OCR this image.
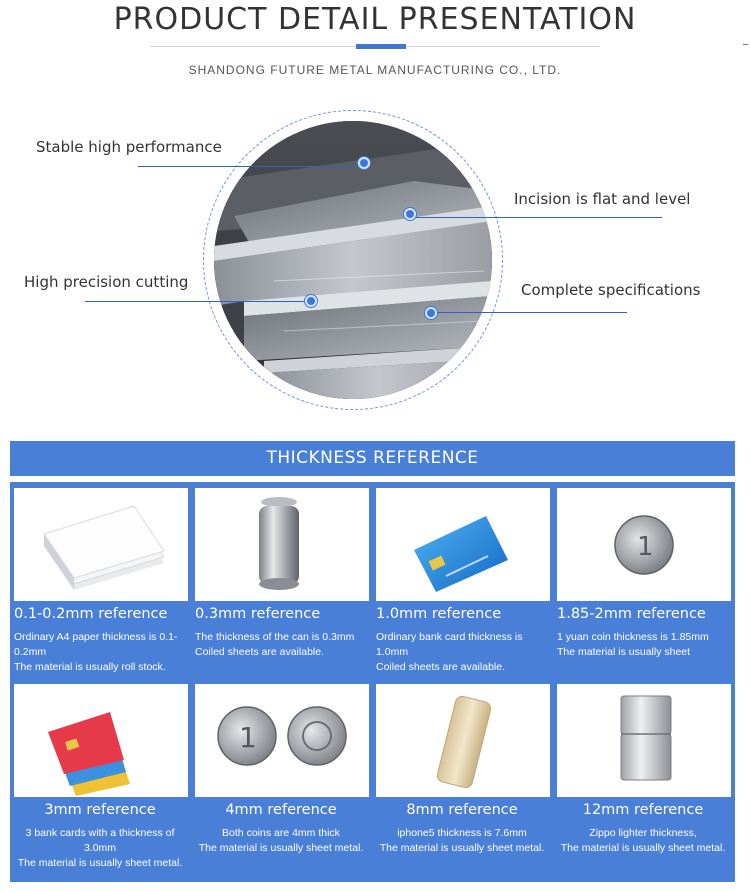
PRODUCT DETAIL PRESENTATION
SHANDONG FUTURE METAL MANUFACTURING CO., LTD.
Stable high performance
Incision is flat and level
High precision cutting	Complete specifications
THICKNESS REFERENCE
0.1-0.2mm reference
Ordinary A4 paper thickness is 0.1-0.2mm
The material is usually roll stock.
0.3mm reference
The thickness of the can is 0.3mm
Coiled sheets are available.
1.0mm reference
Ordinary bank card thickness is 1.0mm
Coiled sheets are available.
1
1.85-2mm reference
1 yuan coin thickness is 1.85mm
The material is usually sheet
3mm reference
3 bank cards with a thickness of 3.0mm
The material is usually sheet metal.
1
4mm reference
Both coins are 4mm thick
The material is usually sheet metal.
8mm reference
iphone5 thickness is 7.6mm
The material is usually sheet metal.
12mm reference
Zippo lighter thickness,
The material is usually sheet metal.
